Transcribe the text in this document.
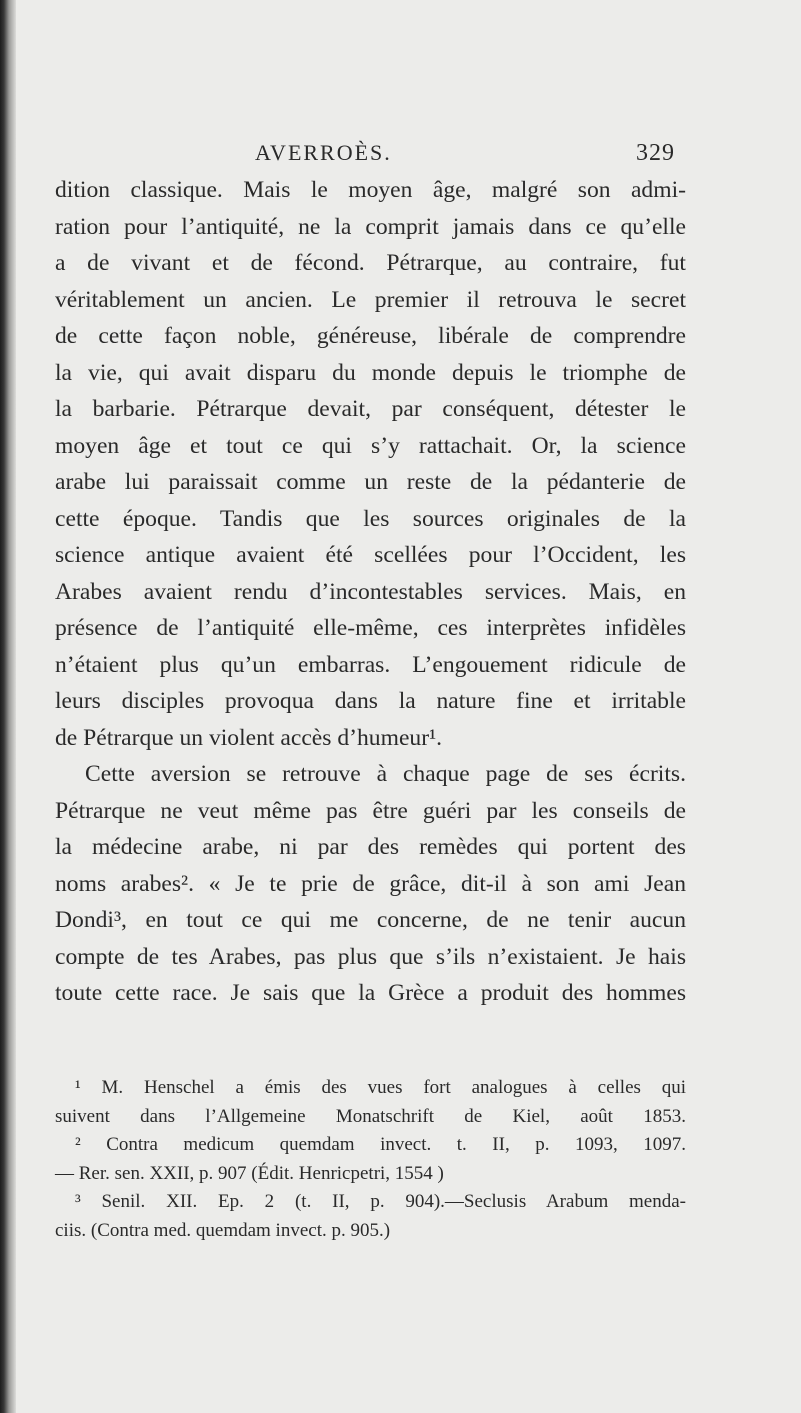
AVERROÈS.	329
dition classique. Mais le moyen âge, malgré son admi-
ration pour l’antiquité, ne la comprit jamais dans ce qu’elle
a de vivant et de fécond. Pétrarque, au contraire, fut
véritablement un ancien. Le premier il retrouva le secret
de cette façon noble, généreuse, libérale de comprendre
la vie, qui avait disparu du monde depuis le triomphe de
la barbarie. Pétrarque devait, par conséquent, détester le
moyen âge et tout ce qui s’y rattachait. Or, la science
arabe lui paraissait comme un reste de la pédanterie de
cette époque. Tandis que les sources originales de la
science antique avaient été scellées pour l’Occident, les
Arabes avaient rendu d’incontestables services. Mais, en
présence de l’antiquité elle-même, ces interprètes infidèles
n’étaient plus qu’un embarras. L’engouement ridicule de
leurs disciples provoqua dans la nature fine et irritable
de Pétrarque un violent accès d’humeur¹.
Cette aversion se retrouve à chaque page de ses écrits.
Pétrarque ne veut même pas être guéri par les conseils de
la médecine arabe, ni par des remèdes qui portent des
noms arabes². « Je te prie de grâce, dit-il à son ami Jean
Dondi³, en tout ce qui me concerne, de ne tenir aucun
compte de tes Arabes, pas plus que s’ils n’existaient. Je hais
toute cette race. Je sais que la Grèce a produit des hommes
¹ M. Henschel a émis des vues fort analogues à celles qui
suivent dans l’Allgemeine Monatschrift de Kiel, août 1853.
² Contra medicum quemdam invect. t. II, p. 1093, 1097.
— Rer. sen. XXII, p. 907 (Édit. Henricpetri, 1554 )
³ Senil. XII. Ep. 2 (t. II, p. 904).—Seclusis Arabum menda-
ciis. (Contra med. quemdam invect. p. 905.)
